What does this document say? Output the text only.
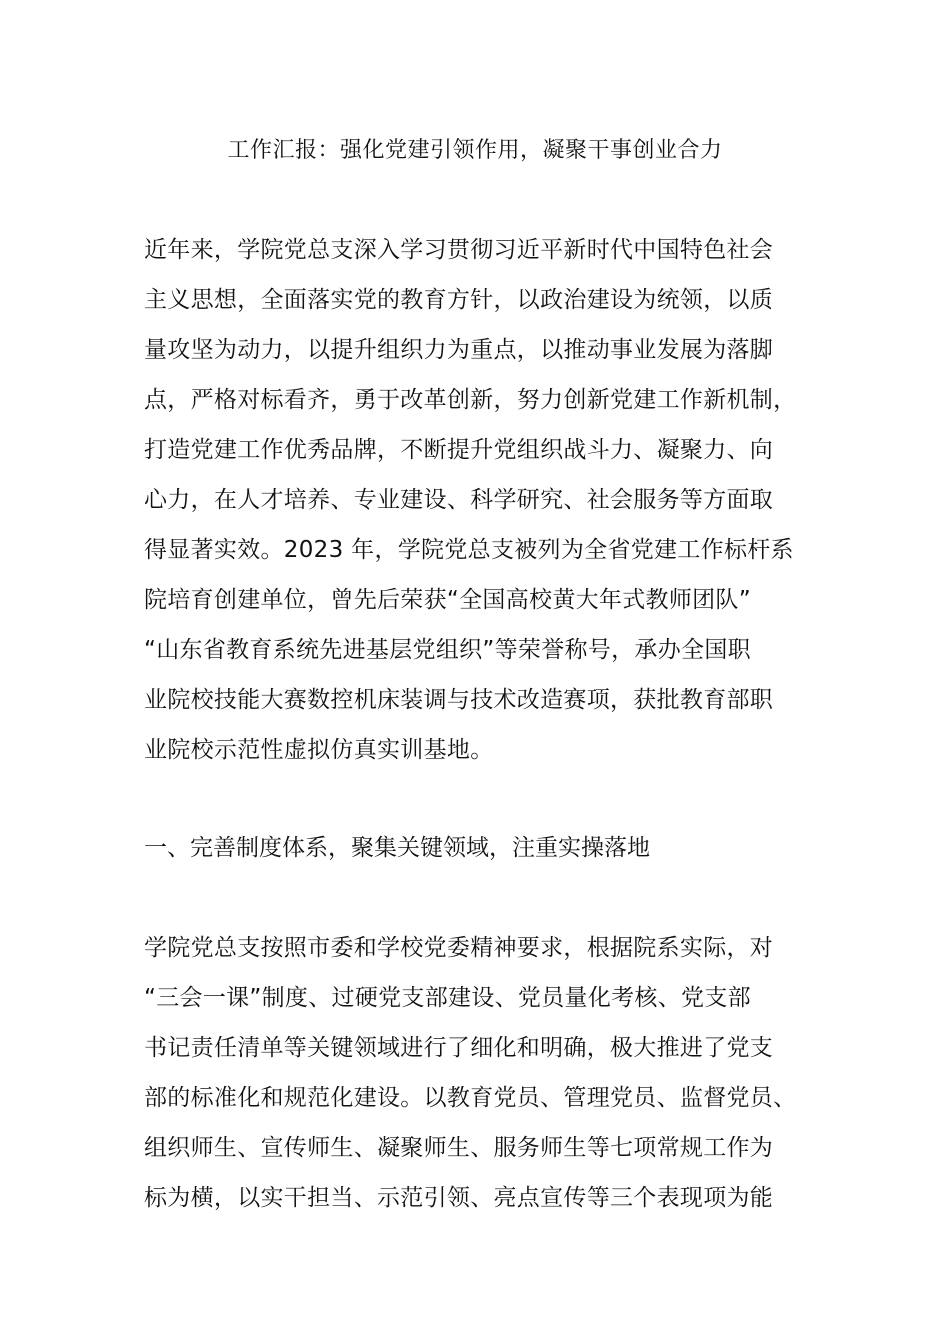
工作汇报：强化党建引领作用，凝聚干事创业合力
近年来，学院党总支深入学习贯彻习近平新时代中国特色社会
主义思想，全面落实党的教育方针，以政治建设为统领，以质
量攻坚为动力，以提升组织力为重点，以推动事业发展为落脚
点，严格对标看齐，勇于改革创新，努力创新党建工作新机制，
打造党建工作优秀品牌，不断提升党组织战斗力、凝聚力、向
心力，在人才培养、专业建设、科学研究、社会服务等方面取
得显著实效。2023 年，学院党总支被列为全省党建工作标杆系
院培育创建单位，曾先后荣获“全国高校黄大年式教师团队”
“山东省教育系统先进基层党组织”等荣誉称号，承办全国职
业院校技能大赛数控机床装调与技术改造赛项，获批教育部职
业院校示范性虚拟仿真实训基地。
一、完善制度体系，聚集关键领域，注重实操落地
学院党总支按照市委和学校党委精神要求，根据院系实际，对
“三会一课”制度、过硬党支部建设、党员量化考核、党支部
书记责任清单等关键领域进行了细化和明确，极大推进了党支
部的标准化和规范化建设。以教育党员、管理党员、监督党员、
组织师生、宣传师生、凝聚师生、服务师生等七项常规工作为
标为横，以实干担当、示范引领、亮点宣传等三个表现项为能
